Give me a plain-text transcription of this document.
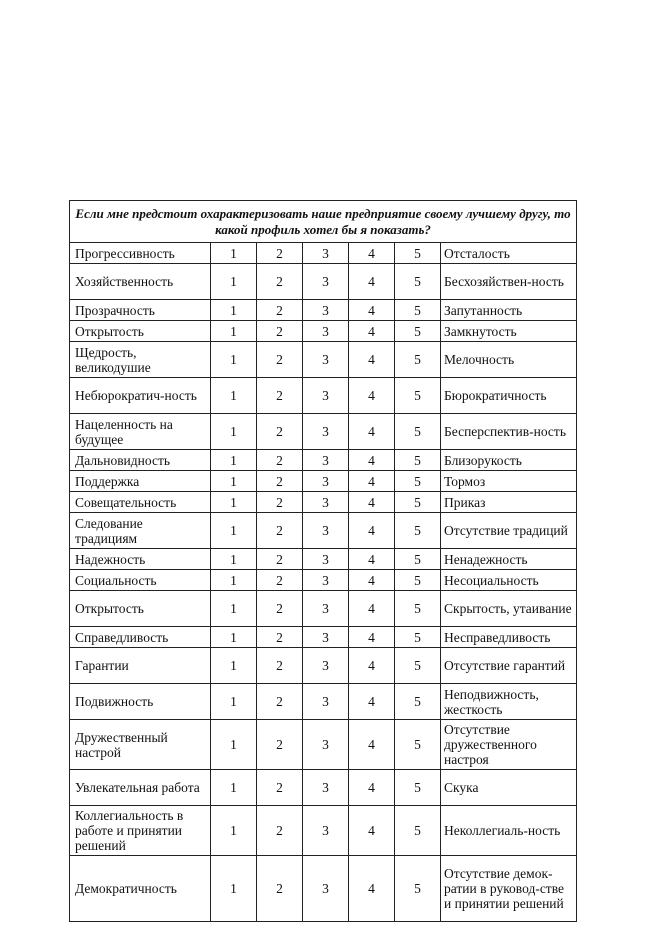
Если мне предстоит охарактеризовать наше предприятие своему лучшему другу, то какой профиль хотел бы я показать?						
Прогрессивность	1	2	3	4	5	Отсталость
Хозяйственность	1	2	3	4	5	Бесхозяйствен-ность
Прозрачность	1	2	3	4	5	Запутанность
Открытость	1	2	3	4	5	Замкнутость
Щедрость, великодушие	1	2	3	4	5	Мелочность
Небюрократич-ность	1	2	3	4	5	Бюрократичность
Нацеленность на будущее	1	2	3	4	5	Бесперспектив-ность
Дальновидность	1	2	3	4	5	Близорукость
Поддержка	1	2	3	4	5	Тормоз
Совещательность	1	2	3	4	5	Приказ
Следование традициям	1	2	3	4	5	Отсутствие традиций
Надежность	1	2	3	4	5	Ненадежность
Социальность	1	2	3	4	5	Несоциальность
Открытость	1	2	3	4	5	Скрытость, утаивание
Справедливость	1	2	3	4	5	Несправедливость
Гарантии	1	2	3	4	5	Отсутствие гарантий
Подвижность	1	2	3	4	5	Неподвижность, жесткость
Дружественный настрой	1	2	3	4	5	Отсутствие дружественного настроя
Увлекательная работа	1	2	3	4	5	Скука
Коллегиальность в работе и принятии решений	1	2	3	4	5	Неколлегиаль-ность
Демократичность	1	2	3	4	5	Отсутствие демок-ратии в руковод-стве и принятии решений
